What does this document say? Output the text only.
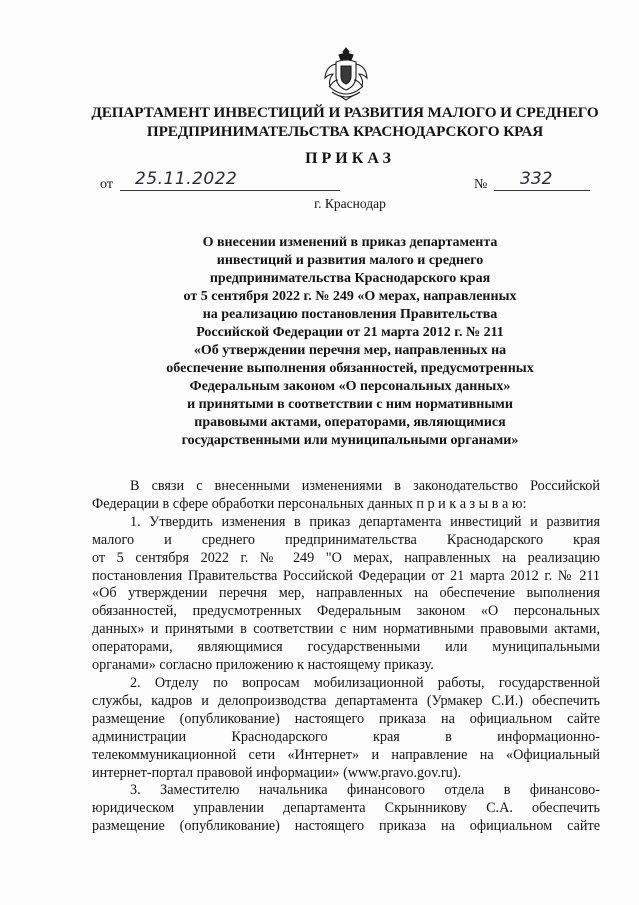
ДЕПАРТАМЕНТ ИНВЕСТИЦИЙ И РАЗВИТИЯ МАЛОГО И СРЕДНЕГО
ПРЕДПРИНИМАТЕЛЬСТВА КРАСНОДАРСКОГО КРАЯ
ПРИКАЗ
от 25.11.2022	№ 332
г. Краснодар
О внесении изменений в приказ департамента
инвестиций и развития малого и среднего
предпринимательства Краснодарского края
от 5 сентября 2022 г. № 249 «О мерах, направленных
на реализацию постановления Правительства
Российской Федерации от 21 марта 2012 г. № 211
«Об утверждении перечня мер, направленных на
обеспечение выполнения обязанностей, предусмотренных
Федеральным законом «О персональных данных»
и принятыми в соответствии с ним нормативными
правовыми актами, операторами, являющимися
государственными или муниципальными органами»
В связи с внесенными изменениями в законодательство Российской
Федерации в сфере обработки персональных данных п р и к а з ы в а ю:
1. Утвердить изменения в приказ департамента инвестиций и развития
малого и среднего предпринимательства Краснодарского края
от 5 сентября 2022 г. № 249 "О мерах, направленных на реализацию
постановления Правительства Российской Федерации от 21 марта 2012 г. № 211
«Об утверждении перечня мер, направленных на обеспечение выполнения
обязанностей, предусмотренных Федеральным законом «О персональных
данных» и принятыми в соответствии с ним нормативными правовыми актами,
операторами, являющимися государственными или муниципальными
органами» согласно приложению к настоящему приказу.
2. Отделу по вопросам мобилизационной работы, государственной
службы, кадров и делопроизводства департамента (Урмакер С.И.) обеспечить
размещение (опубликование) настоящего приказа на официальном сайте
администрации Краснодарского края в информационно-
телекоммуникационной сети «Интернет» и направление на «Официальный
интернет-портал правовой информации» (www.pravo.gov.ru).
3. Заместителю начальника финансового отдела в финансово-
юридическом управлении департамента Скрынникову С.А. обеспечить
размещение (опубликование) настоящего приказа на официальном сайте
